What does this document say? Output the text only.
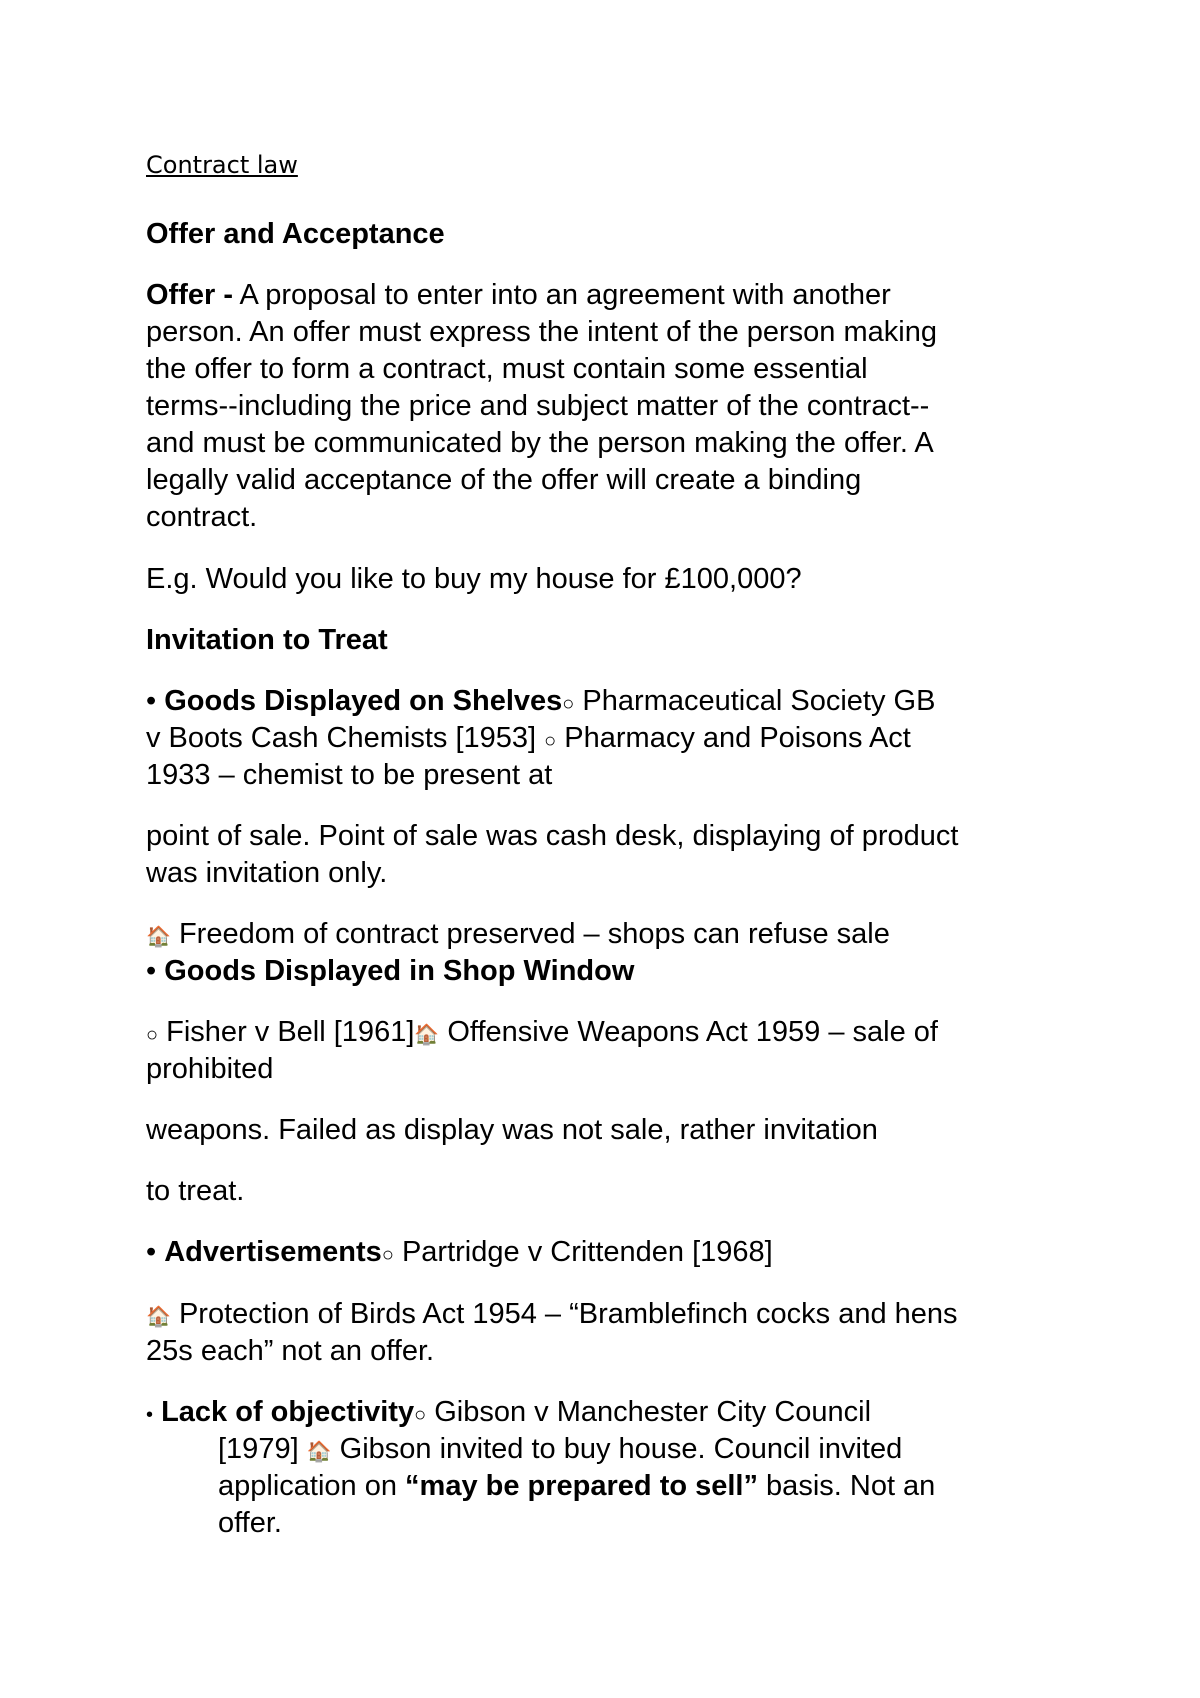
Contract law
Offer and Acceptance
Offer - A proposal to enter into an agreement with another
person. An offer must express the intent of the person making
the offer to form a contract, must contain some essential
terms--including the price and subject matter of the contract--
and must be communicated by the person making the offer. A
legally valid acceptance of the offer will create a binding
contract.
E.g. Would you like to buy my house for £100,000?
Invitation to Treat
• Goods Displayed on Shelves○ Pharmaceutical Society GB
v Boots Cash Chemists [1953] ○ Pharmacy and Poisons Act
1933 – chemist to be present at
point of sale. Point of sale was cash desk, displaying of product
was invitation only.
🏠 Freedom of contract preserved – shops can refuse sale
• Goods Displayed in Shop Window
○ Fisher v Bell [1961]🏠 Offensive Weapons Act 1959 – sale of
prohibited
weapons. Failed as display was not sale, rather invitation
to treat.
• Advertisements○ Partridge v Crittenden [1968]
🏠 Protection of Birds Act 1954 – “Bramblefinch cocks and hens
25s each” not an offer.
• Lack of objectivity○ Gibson v Manchester City Council
[1979] 🏠 Gibson invited to buy house. Council invited
application on “may be prepared to sell” basis. Not an
offer.
